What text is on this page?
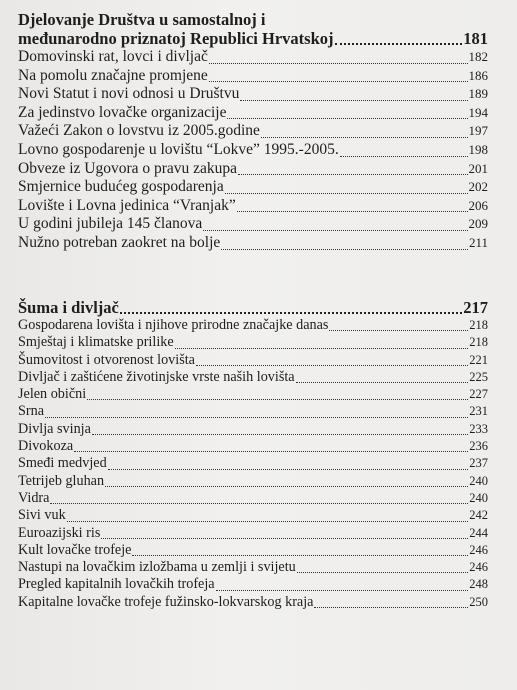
Djelovanje Društva u samostalnoj i
međunarodno priznatoj Republici Hrvatskoj	181
Domovinski rat, lovci i divljač	182
Na pomolu značajne promjene	186
Novi Statut i novi odnosi u Društvu	189
Za jedinstvo lovačke organizacije	194
Važeći Zakon o lovstvu iz 2005.godine	197
Lovno gospodarenje u lovištu “Lokve” 1995.-2005.	198
Obveze iz Ugovora o pravu zakupa	201
Smjernice budućeg gospodarenja	202
Lovište i Lovna jedinica “Vranjak”	206
U godini jubileja 145 članova	209
Nužno potreban zaokret na bolje	211
Šuma i divljač	217
Gospodarena lovišta i njihove prirodne značajke danas	218
Smještaj i klimatske prilike	218
Šumovitost i otvorenost lovišta	221
Divljač i zaštićene životinjske vrste naših lovišta	225
Jelen obični	227
Srna	231
Divlja svinja	233
Divokoza	236
Smeđi medvjed	237
Tetrijeb gluhan	240
Vidra	240
Sivi vuk	242
Euroazijski ris	244
Kult lovačke trofeje	246
Nastupi na lovačkim izložbama u zemlji i svijetu	246
Pregled kapitalnih lovačkih trofeja	248
Kapitalne lovačke trofeje fužinsko-lokvarskog kraja	250
